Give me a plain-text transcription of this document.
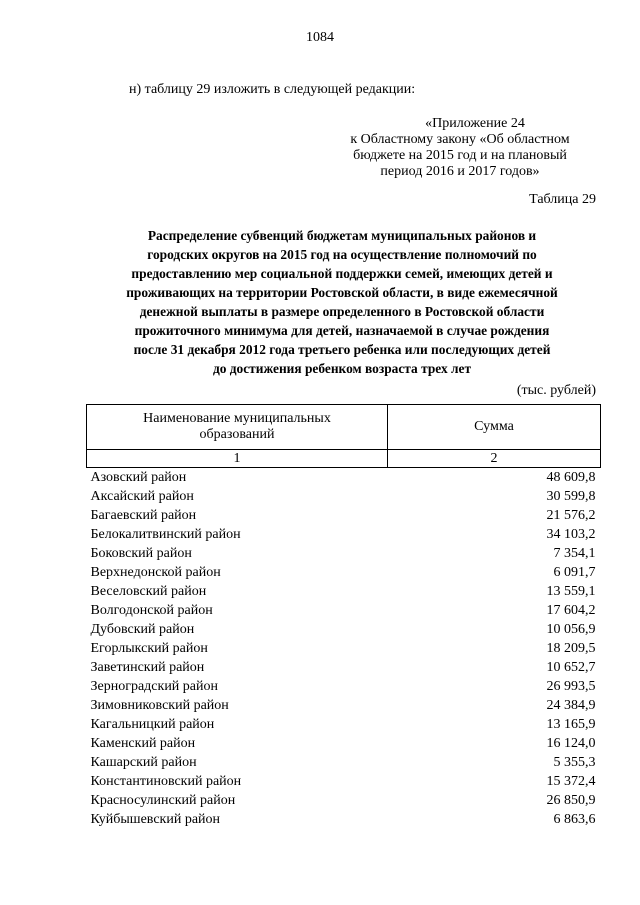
1084
н) таблицу 29 изложить в следующей редакции:
«Приложение 24
к Областному закону «Об областном
бюджете на 2015 год и на плановый
период 2016 и 2017 годов»
Таблица 29
Распределение субвенций бюджетам муниципальных районов и
городских округов на 2015 год на осуществление полномочий по
предоставлению мер социальной поддержки семей, имеющих детей и
проживающих на территории Ростовской области, в виде ежемесячной
денежной выплаты в размере определенного в Ростовской области
прожиточного минимума для детей, назначаемой в случае рождения
после 31 декабря 2012 года третьего ребенка или последующих детей
до достижения ребенком возраста трех лет
(тыс. рублей)
Наименование муниципальных
образований	Сумма
1	2
Азовский район	48 609,8
Аксайский район	30 599,8
Багаевский район	21 576,2
Белокалитвинский район	34 103,2
Боковский район	7 354,1
Верхнедонской район	6 091,7
Веселовский район	13 559,1
Волгодонской район	17 604,2
Дубовский район	10 056,9
Егорлыкский район	18 209,5
Заветинский район	10 652,7
Зерноградский район	26 993,5
Зимовниковский район	24 384,9
Кагальницкий район	13 165,9
Каменский район	16 124,0
Кашарский район	5 355,3
Константиновский район	15 372,4
Красносулинский район	26 850,9
Куйбышевский район	6 863,6
